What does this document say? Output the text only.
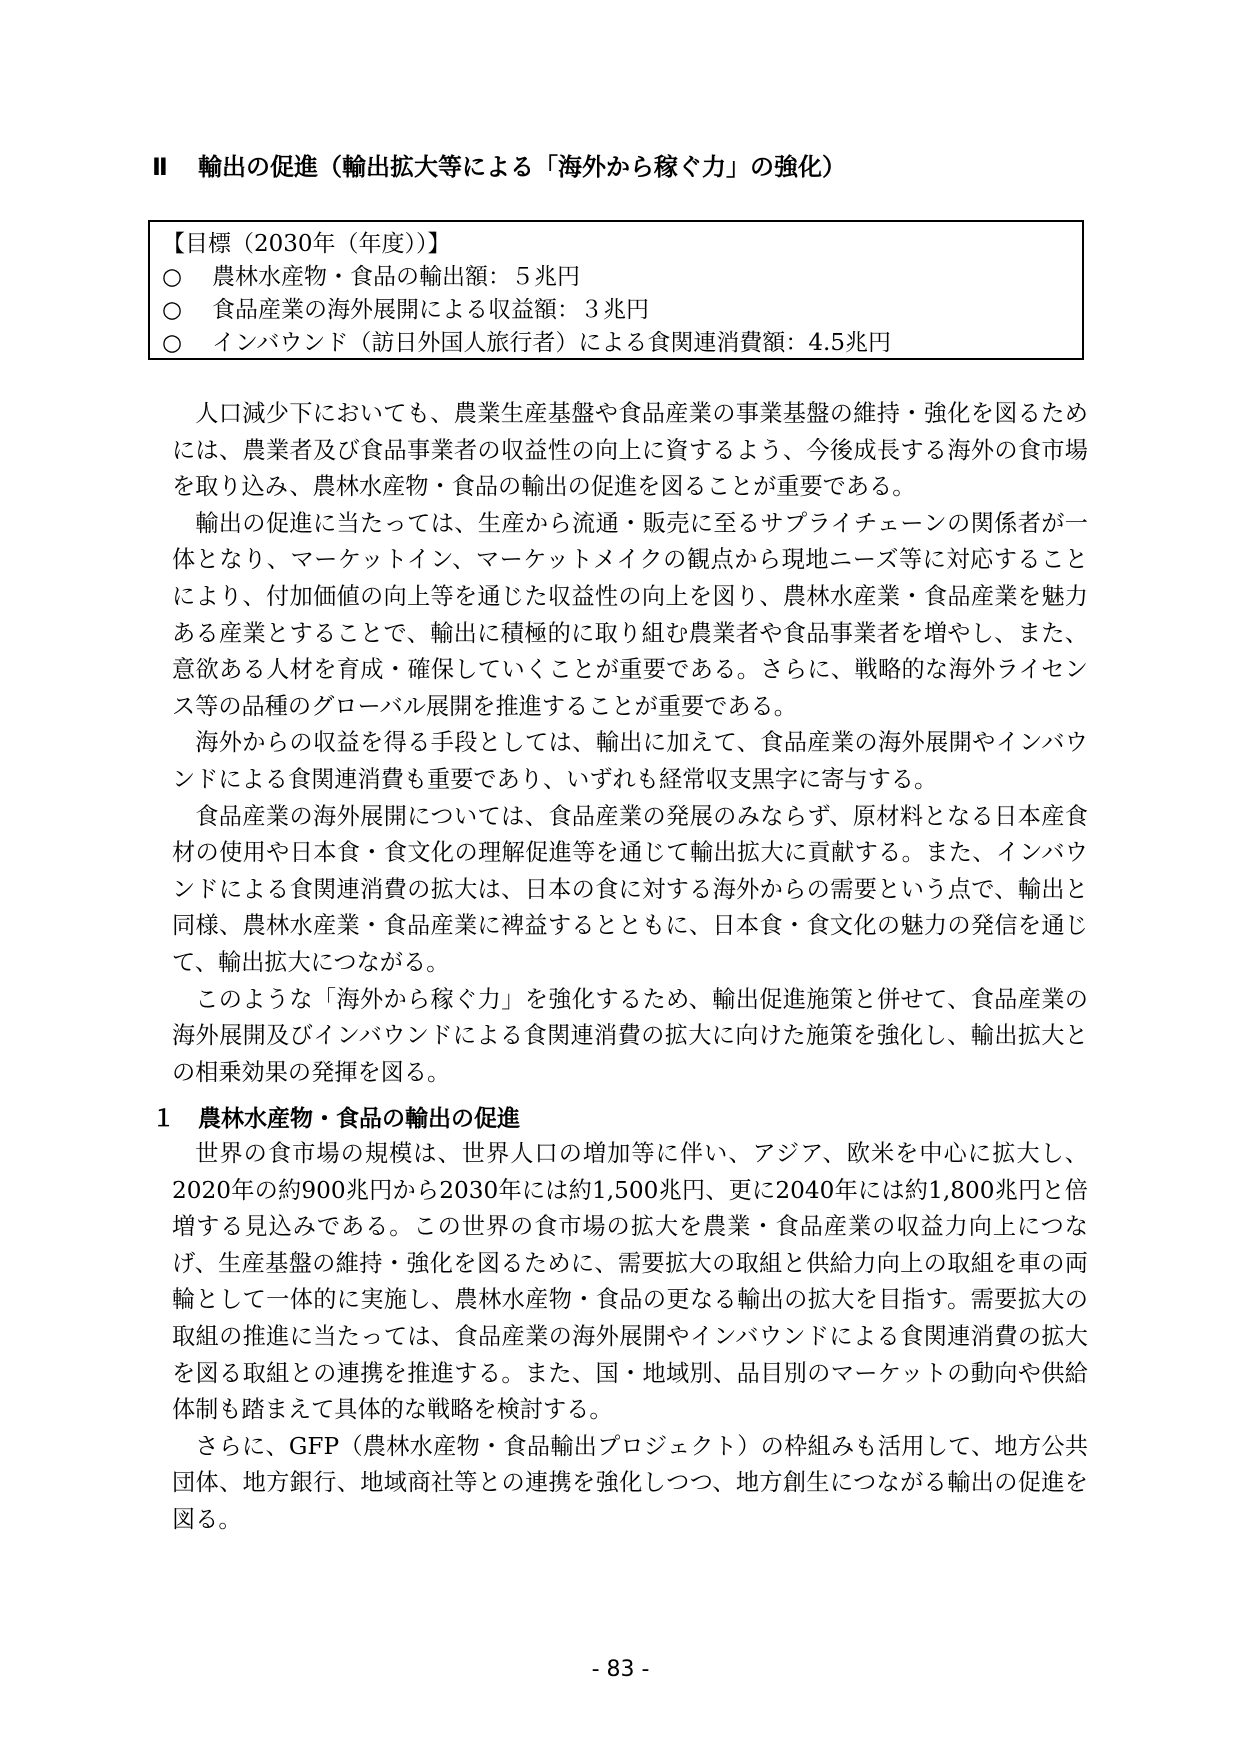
Ⅱ 輸出の促進（輸出拡大等による「海外から稼ぐ力」の強化）
【目標（2030年（年度））】
○ 農林水産物・食品の輸出額：５兆円
○ 食品産業の海外展開による収益額：３兆円
○ インバウンド（訪日外国人旅行者）による食関連消費額：4.5兆円

人口減少下においても、農業生産基盤や食品産業の事業基盤の維持・強化を図るためには、農業者及び食品事業者の収益性の向上に資するよう、今後成長する海外の食市場を取り込み、農林水産物・食品の輸出の促進を図ることが重要である。

輸出の促進に当たっては、生産から流通・販売に至るサプライチェーンの関係者が一体となり、マーケットイン、マーケットメイクの観点から現地ニーズ等に対応することにより、付加価値の向上等を通じた収益性の向上を図り、農林水産業・食品産業を魅力ある産業とすることで、輸出に積極的に取り組む農業者や食品事業者を増やし、また、意欲ある人材を育成・確保していくことが重要である。さらに、戦略的な海外ライセンス等の品種のグローバル展開を推進することが重要である。

海外からの収益を得る手段としては、輸出に加えて、食品産業の海外展開やインバウンドによる食関連消費も重要であり、いずれも経常収支黒字に寄与する。

食品産業の海外展開については、食品産業の発展のみならず、原材料となる日本産食材の使用や日本食・食文化の理解促進等を通じて輸出拡大に貢献する。また、インバウンドによる食関連消費の拡大は、日本の食に対する海外からの需要という点で、輸出と同様、農林水産業・食品産業に裨益するとともに、日本食・食文化の魅力の発信を通じて、輸出拡大につながる。

このような「海外から稼ぐ力」を強化するため、輸出促進施策と併せて、食品産業の海外展開及びインバウンドによる食関連消費の拡大に向けた施策を強化し、輸出拡大との相乗効果の発揮を図る。

１ 農林水産物・食品の輸出の促進

世界の食市場の規模は、世界人口の増加等に伴い、アジア、欧米を中心に拡大し、2020年の約900兆円から2030年には約1,500兆円、更に2040年には約1,800兆円と倍増する見込みである。この世界の食市場の拡大を農業・食品産業の収益力向上につなげ、生産基盤の維持・強化を図るために、需要拡大の取組と供給力向上の取組を車の両輪として一体的に実施し、農林水産物・食品の更なる輸出の拡大を目指す。需要拡大の取組の推進に当たっては、食品産業の海外展開やインバウンドによる食関連消費の拡大を図る取組との連携を推進する。また、国・地域別、品目別のマーケットの動向や供給体制も踏まえて具体的な戦略を検討する。

さらに、GFP（農林水産物・食品輸出プロジェクト）の枠組みも活用して、地方公共団体、地方銀行、地域商社等との連携を強化しつつ、地方創生につながる輸出の促進を図る。

- 83 -
